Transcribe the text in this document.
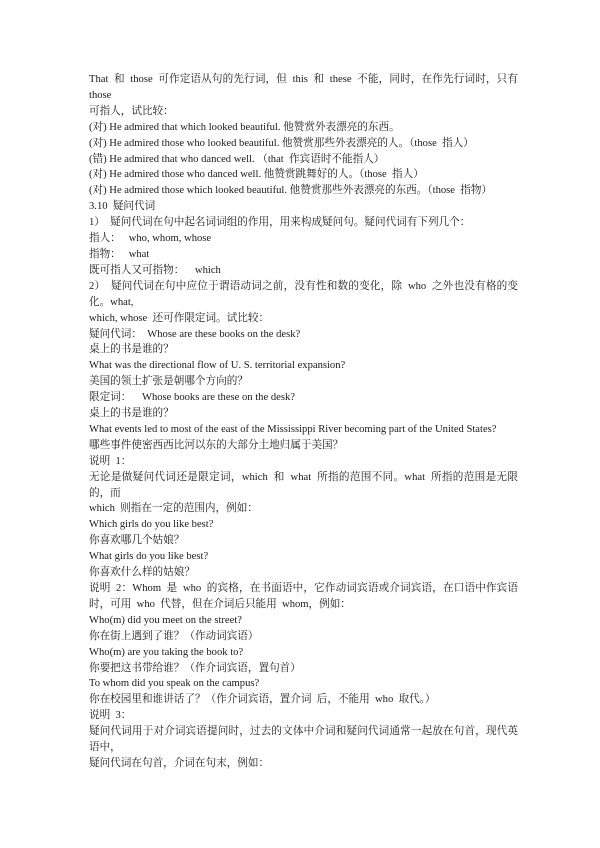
That  和  those  可作定语从句的先行词，但  this  和  these  不能，同时，在作先行词时，只有
those
可指人，试比较：
(对) He admired that which looked beautiful. 他赞赏外表漂亮的东西。
(对) He admired those who looked beautiful. 他赞赏那些外表漂亮的人。（those  指人）
(错) He admired that who danced well. （that  作宾语时不能指人）
(对) He admired those who danced well. 他赞赏跳舞好的人。（those  指人）
(对) He admired those which looked beautiful. 他赞赏那些外表漂亮的东西。（those  指物）
3.10  疑问代词
1）  疑问代词在句中起名词词组的作用，用来构成疑问句。疑问代词有下列几个：
指人：   who, whom, whose
指物：   what
既可指人又可指物：    which
2）  疑问代词在句中应位于谓语动词之前，没有性和数的变化，除  who  之外也没有格的变
化。what,
which, whose  还可作限定词。试比较：
疑问代词：  Whose are these books on the desk?
桌上的书是谁的？
What was the directional flow of U. S. territorial expansion?
美国的领土扩张是朝哪个方向的？
限定词：    Whose books are these on the desk?
桌上的书是谁的？
What events led to most of the east of the Mississippi River becoming part of the United States?
哪些事件使密西西比河以东的大部分土地归属于美国？
说明  1：
无论是做疑问代词还是限定词，which  和  what  所指的范围不同。what  所指的范围是无限
的，而
which  则指在一定的范围内，例如：
Which girls do you like best?
你喜欢哪几个姑娘？
What girls do you like best?
你喜欢什么样的姑娘？
说明  2：Whom  是  who  的宾格，在书面语中，它作动词宾语或介词宾语，在口语中作宾语
时，可用  who  代替，但在介词后只能用  whom，例如：
Who(m) did you meet on the street?
你在街上遇到了谁？（作动词宾语）
Who(m) are you taking the book to?
你要把这书带给谁？（作介词宾语，置句首）
To whom did you speak on the campus?
你在校园里和谁讲话了？（作介词宾语，置介词  后，不能用  who  取代。）
说明  3：
疑问代词用于对介词宾语提问时，过去的文体中介词和疑问代词通常一起放在句首，现代英
语中，
疑问代词在句首，介词在句末，例如：
